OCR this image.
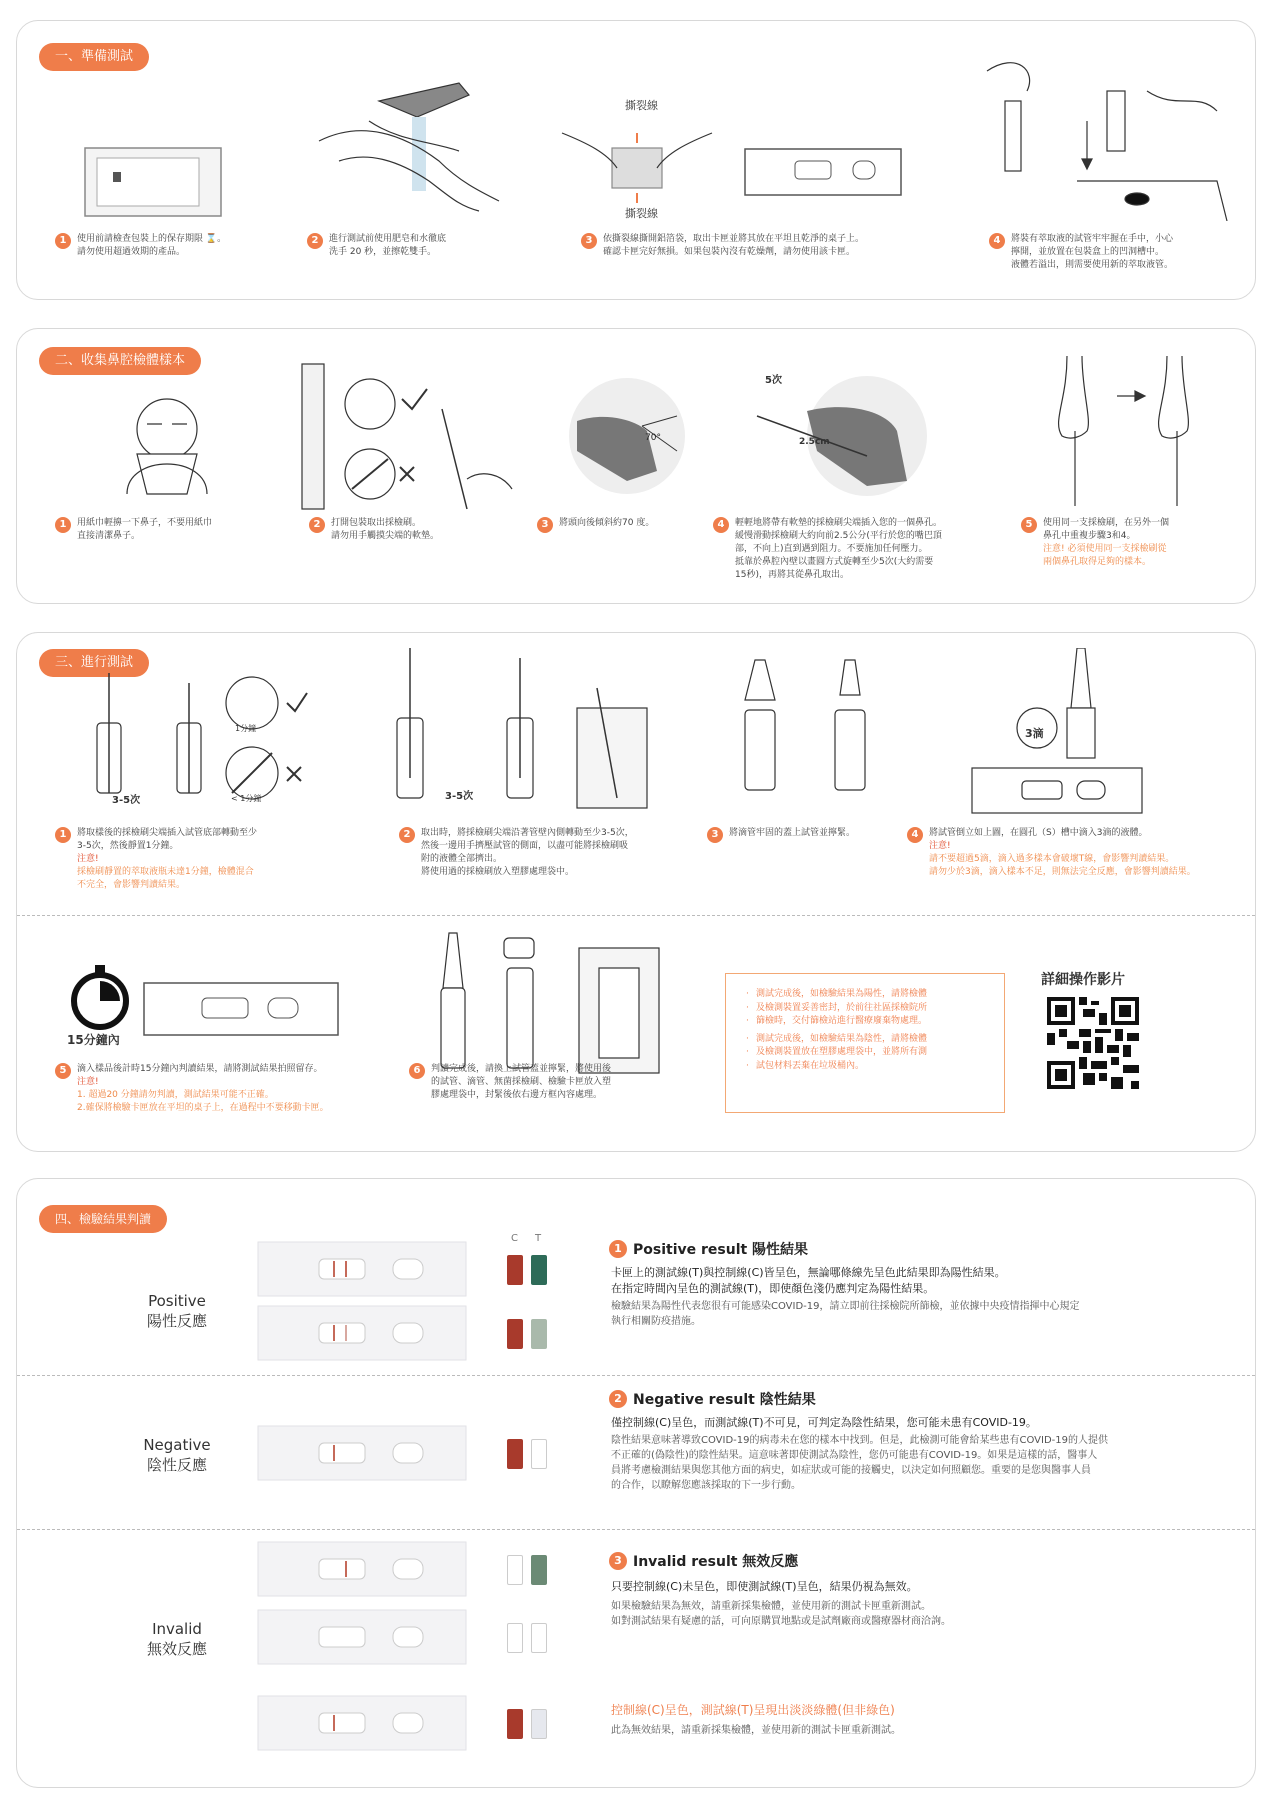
一、準備測試
撕裂線
撕裂線
1	使用前請檢查包裝上的保存期限 ⌛。
請勿使用超過效期的產品。
2	進行測試前使用肥皂和水徹底
洗手 20 秒，並擦乾雙手。
3	依撕裂線撕開鋁箔袋，取出卡匣並將其放在平坦且乾淨的桌子上。
確認卡匣完好無損。如果包裝內沒有乾燥劑，請勿使用該卡匣。
4	將裝有萃取液的試管牢牢握在手中，小心
擰開，並放置在包裝盒上的凹洞槽中。
液體若溢出，則需要使用新的萃取液管。
二、收集鼻腔檢體樣本
70°
5次
2.5cm
1	用紙巾輕擤一下鼻子，不要用紙巾
直接清潔鼻子。
2	打開包裝取出採檢刷。
請勿用手觸摸尖端的軟墊。
3	將頭向後傾斜約70 度。	4	輕輕地將帶有軟墊的採檢刷尖端插入您的一個鼻孔。
緩慢滑動採檢刷大約向前2.5公分(平行於您的嘴巴頂
部，不向上)直到遇到阻力。不要施加任何壓力。
抵靠於鼻腔內壁以畫圓方式旋轉至少5次(大約需要
15秒)，再將其從鼻孔取出。
5	使用同一支採檢刷，在另外一個
鼻孔中重複步驟3和4。
注意! 必須使用同一支採檢刷從
兩個鼻孔取得足夠的樣本。
三、進行測試
3-5次
1分鐘
< 1分鐘	3-5次
3滴
1	將取樣後的採檢刷尖端插入試管底部轉動至少
3-5次，然後靜置1分鐘。
注意!
採檢刷靜置的萃取液瓶未達1分鐘，檢體混合
不完全，會影響判讀結果。
2	取出時，將採檢刷尖端沿著管壁內側轉動至少3-5次，
然後一邊用手擠壓試管的側面，以盡可能將採檢刷吸
附的液體全部擠出。
將使用過的採檢刷放入塑膠處理袋中。
3	將滴管牢固的蓋上試管並擰緊。	4	將試管倒立如上圖，在圓孔（S）槽中滴入3滴的液體。
注意!
請不要超過5滴，滴入過多樣本會破壞T線，會影響判讀結果。
請勿少於3滴，滴入樣本不足，則無法完全反應，會影響判讀結果。
15分鐘內
5	滴入樣品後計時15分鐘內判讀結果，請將測試結果拍照留存。
注意!
1. 超過20 分鐘請勿判讀，測試結果可能不正確。
2.確保將檢驗卡匣放在平坦的桌子上，在過程中不要移動卡匣。
6	判讀完成後，請換上試管蓋並擰緊，將使用後
的試管、滴管、無菌採檢刷、檢驗卡匣放入塑
膠處理袋中，封緊後依右邊方框內容處理。
· 測試完成後，如檢驗結果為陽性，請將檢體
· 及檢測裝置妥善密封，於前往社區採檢院所
· 篩檢時，交付篩檢站進行醫療廢棄物處理。
· 測試完成後，如檢驗結果為陰性，請將檢體
· 及檢測裝置放在塑膠處理袋中，並將所有測
· 試包材料丟棄在垃圾桶內。
詳細操作影片
四、檢驗結果判讀
C T
Positive
陽性反應
1 Positive result 陽性結果
卡匣上的測試線(T)與控制線(C)皆呈色，無論哪條線先呈色此結果即為陽性結果。
在指定時間內呈色的測試線(T)，即使顏色淺仍應判定為陽性結果。
檢驗結果為陽性代表您很有可能感染COVID-19，請立即前往採檢院所篩檢，並依據中央疫情指揮中心規定
執行相關防疫措施。
Negative
陰性反應
2 Negative result 陰性結果
僅控制線(C)呈色，而測試線(T)不可見，可判定為陰性結果，您可能未患有COVID-19。
陰性結果意味著導致COVID-19的病毒未在您的樣本中找到。但是，此檢測可能會給某些患有COVID-19的人提供
不正確的(偽陰性)的陰性結果。這意味著即使測試為陰性，您仍可能患有COVID-19。如果是這樣的話，醫事人
員將考慮檢測結果與您其他方面的病史，如症狀或可能的接觸史，以決定如何照顧您。重要的是您與醫事人員
的合作，以瞭解您應該採取的下一步行動。
Invalid
無效反應
3 Invalid result 無效反應
只要控制線(C)未呈色，即使測試線(T)呈色，結果仍視為無效。
如果檢驗結果為無效，請重新採集檢體，並使用新的測試卡匣重新測試。
如對測試結果有疑慮的話，可向原購買地點或是試劑廠商或醫療器材商洽詢。
控制線(C)呈色，測試線(T)呈現出淡淡綠體(但非綠色)
此為無效結果，請重新採集檢體，並使用新的測試卡匣重新測試。
